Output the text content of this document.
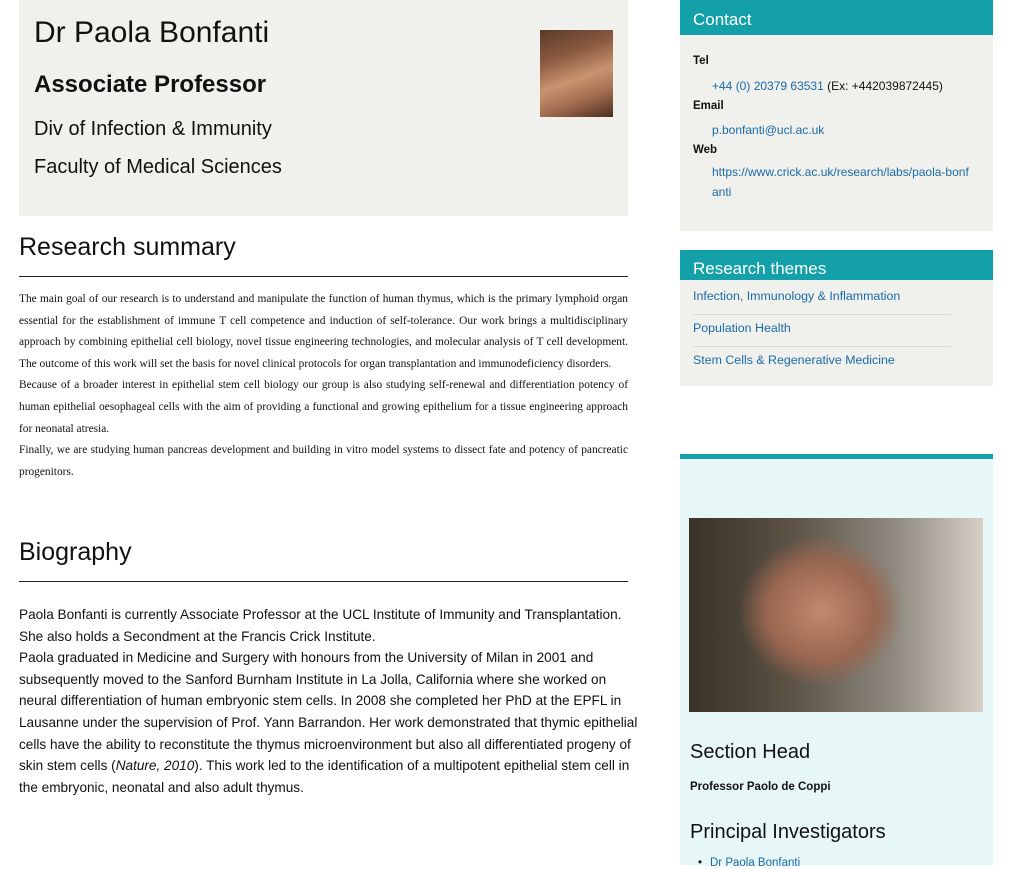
Dr Paola Bonfanti
Associate Professor
Div of Infection & Immunity
Faculty of Medical Sciences
Research summary

The main goal of our research is to understand and manipulate the function of human thymus, which is the primary lymphoid organ essential for the establishment of immune T cell competence and induction of self-tolerance. Our work brings a multidisciplinary approach by combining epithelial cell biology, novel tissue engineering technologies, and molecular analysis of T cell development. The outcome of this work will set the basis for novel clinical protocols for organ transplantation and immunodeficiency disorders.

Because of a broader interest in epithelial stem cell biology our group is also studying self-renewal and differentiation potency of human epithelial oesophageal cells with the aim of providing a functional and growing epithelium for a tissue engineering approach for neonatal atresia.

Finally, we are studying human pancreas development and building in vitro model systems to dissect fate and potency of pancreatic progenitors.

Biography

Paola Bonfanti is currently Associate Professor at the UCL Institute of Immunity and Transplantation. She also holds a Secondment at the Francis Crick Institute.

Paola graduated in Medicine and Surgery with honours from the University of Milan in 2001 and subsequently moved to the Sanford Burnham Institute in La Jolla, California where she worked on neural differentiation of human embryonic stem cells. In 2008 she completed her PhD at the EPFL in Lausanne under the supervision of Prof. Yann Barrandon. Her work demonstrated that thymic epithelial cells have the ability to reconstitute the thymus microenvironment but also all differentiated progeny of skin stem cells (Nature, 2010). This work led to the identification of a multipotent epithelial stem cell in the embryonic, neonatal and also adult thymus.

Contact
Tel
+44 (0) 20379 63531 (Ex: +442039872445)
Email
p.bonfanti@ucl.ac.uk
Web
https://www.crick.ac.uk/research/labs/paola-bonfanti
Research themes
Infection, Immunology & Inflammation
Population Health
Stem Cells & Regenerative Medicine
Section Head
Professor Paolo de Coppi
Principal Investigators
• Dr Paola Bonfanti
